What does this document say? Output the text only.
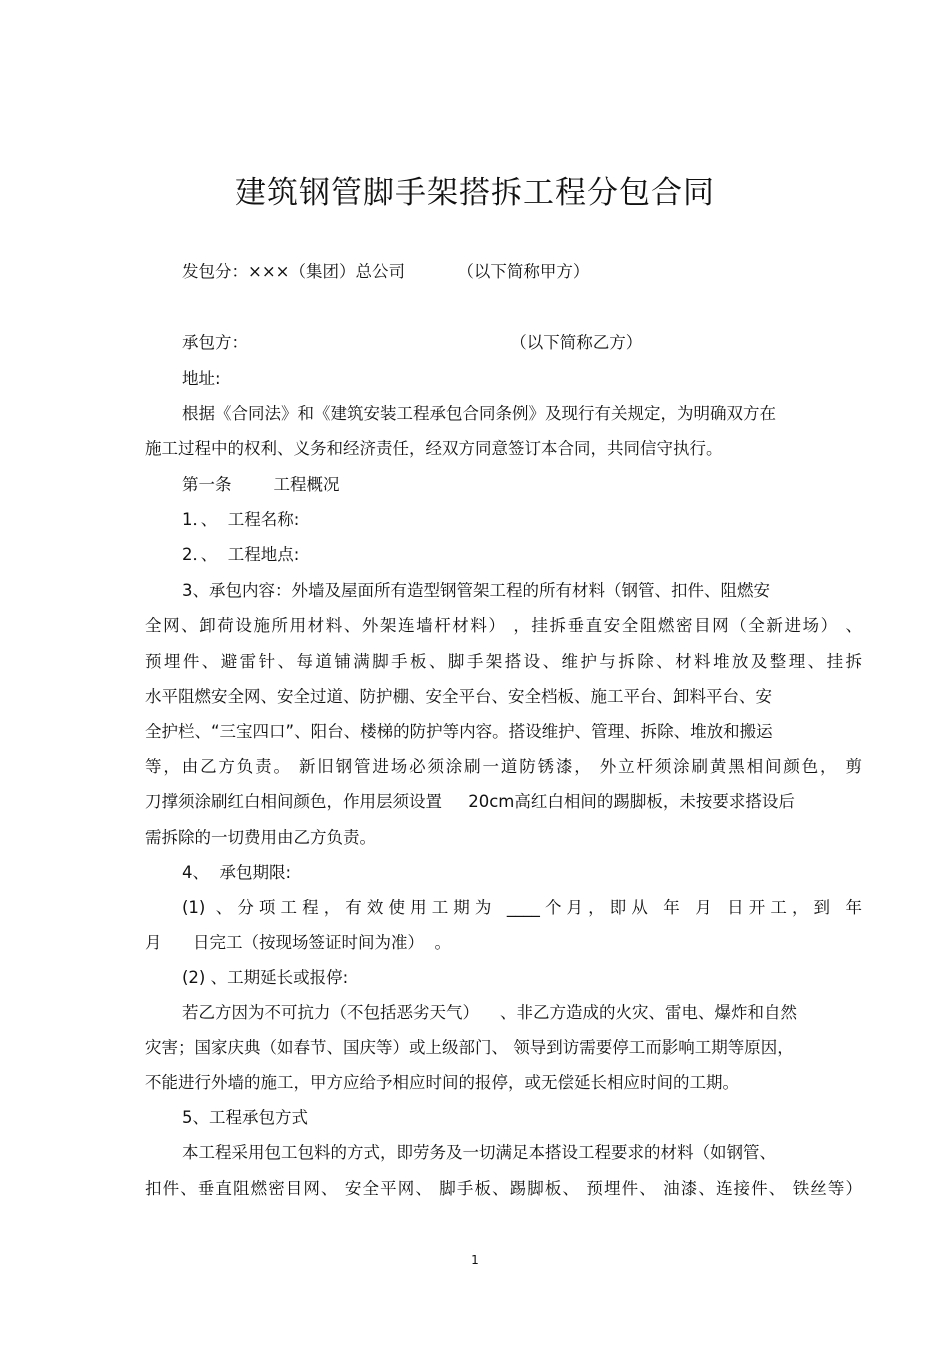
建筑钢管脚手架搭拆工程分包合同

发包分：×××（集团）总公司          （以下简称甲方）

承包方：                                                  （以下简称乙方）

地址:

根据《合同法》和《建筑安装工程承包合同条例》及现行有关规定，为明确双方在

施工过程中的权利、义务和经济责任，经双方同意签订本合同，共同信守执行。

第一条        工程概况

1．、  工程名称:

2．、  工程地点:

3、承包内容：外墙及屋面所有造型钢管架工程的所有材料（钢管、扣件、阻燃安

全网、卸荷设施所用材料、外架连墙杆材料） ，挂拆垂直安全阻燃密目网（全新进场） 、

预埋件、避雷针、每道铺满脚手板、脚手架搭设、维护与拆除、材料堆放及整理、挂拆

水平阻燃安全网、安全过道、防护棚、安全平台、安全档板、施工平台、卸料平台、安

全护栏、“三宝四口”、阳台、楼梯的防护等内容。搭设维护、管理、拆除、堆放和搬运

等，由乙方负责。 新旧钢管进场必须涂刷一道防锈漆， 外立杆须涂刷黄黑相间颜色， 剪

刀撑须涂刷红白相间颜色，作用层须设置     20cm高红白相间的踢脚板，未按要求搭设后

需拆除的一切费用由乙方负责。

4、  承包期限:

(1) 、分项工程，有效使用工期为 ____个月，即从 年 月 日开工，到 年

月      日完工（按现场签证时间为准）  。

(2) 、工期延长或报停:

若乙方因为不可抗力（不包括恶劣天气）    、非乙方造成的火灾、雷电、爆炸和自然

灾害；国家庆典（如春节、国庆等）或上级部门、 领导到访需要停工而影响工期等原因，

不能进行外墙的施工，甲方应给予相应时间的报停，或无偿延长相应时间的工期。

5、工程承包方式

本工程采用包工包料的方式，即劳务及一切满足本搭设工程要求的材料（如钢管、

扣件、垂直阻燃密目网、 安全平网、 脚手板、踢脚板、 预埋件、 油漆、连接件、 铁丝等）

1
